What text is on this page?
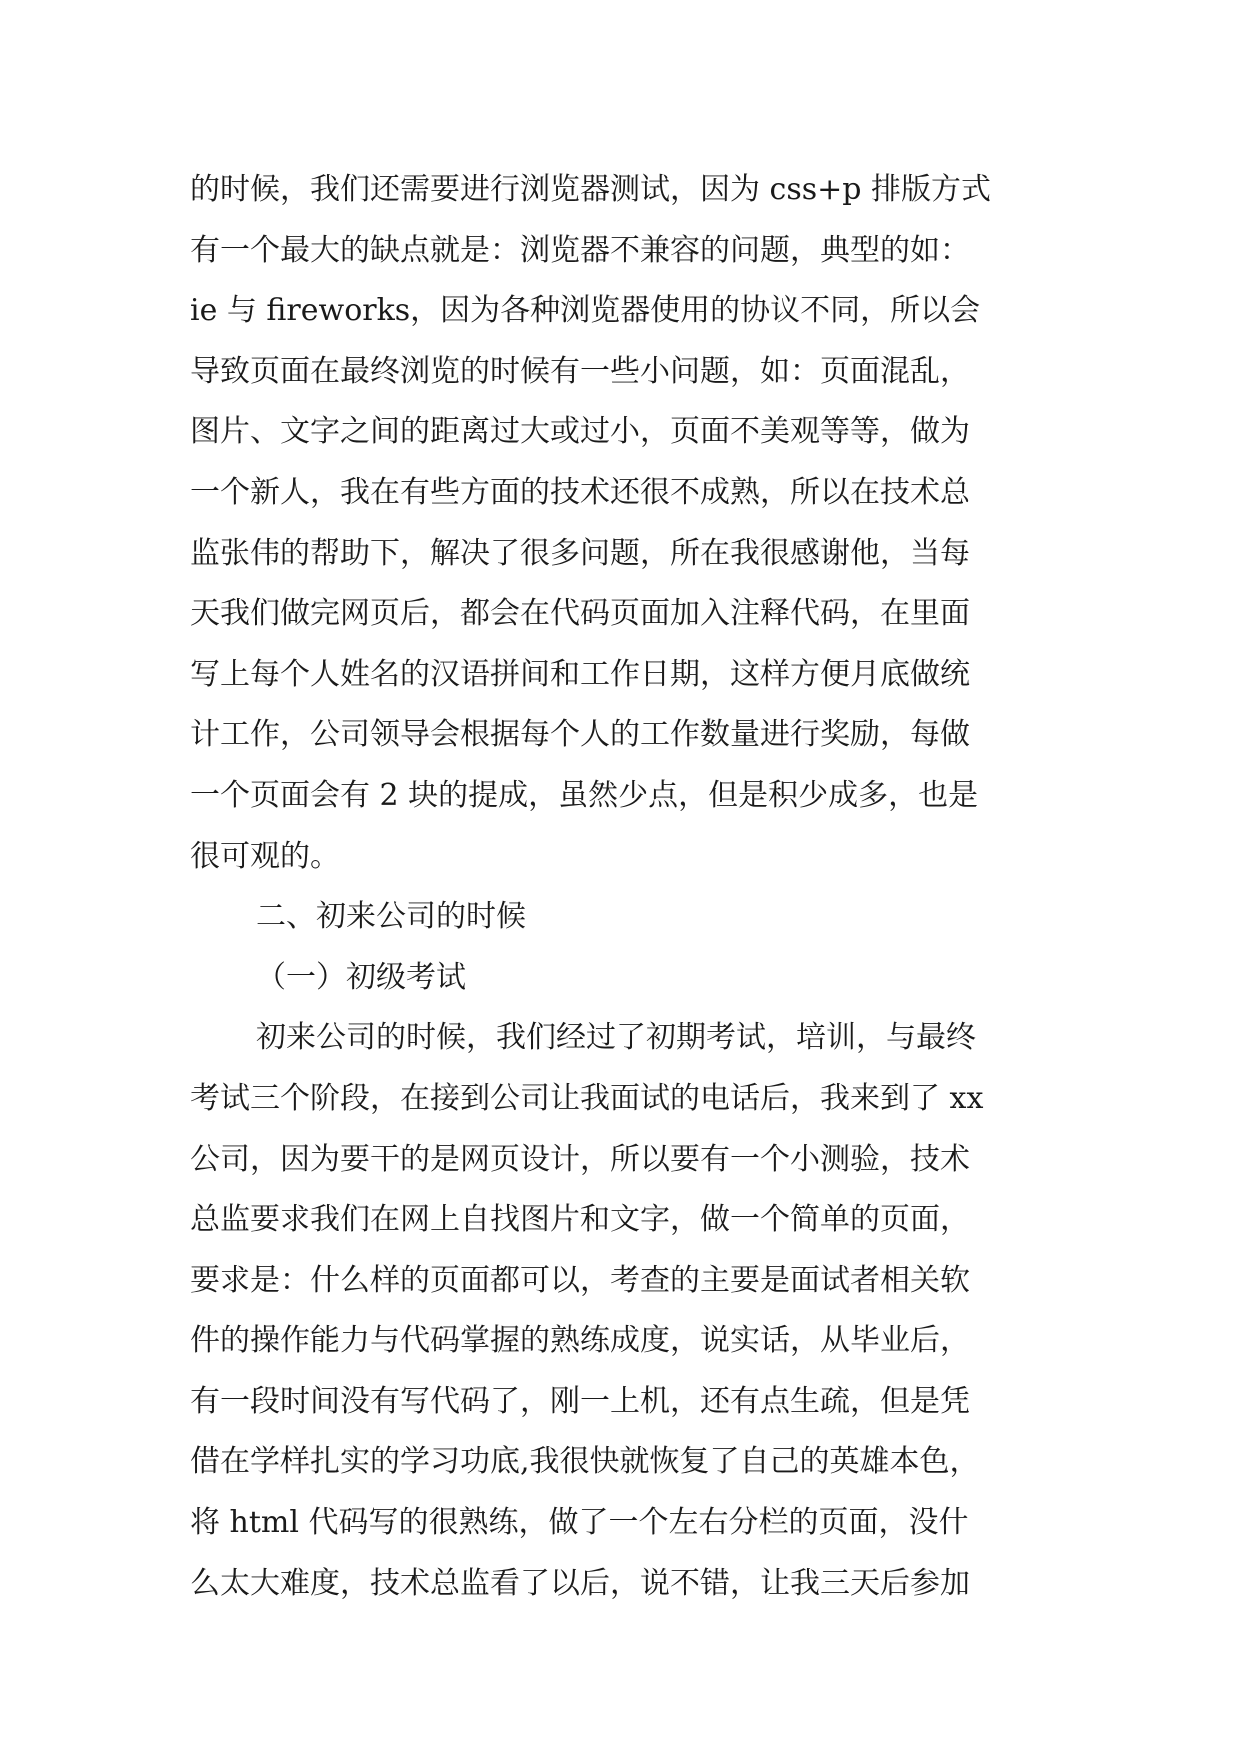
的时候，我们还需要进行浏览器测试，因为 css+p 排版方式
有一个最大的缺点就是：浏览器不兼容的问题，典型的如：
ie 与 fireworks，因为各种浏览器使用的协议不同，所以会
导致页面在最终浏览的时候有一些小问题，如：页面混乱，
图片、文字之间的距离过大或过小，页面不美观等等，做为
一个新人，我在有些方面的技术还很不成熟，所以在技术总
监张伟的帮助下，解决了很多问题，所在我很感谢他，当每
天我们做完网页后，都会在代码页面加入注释代码，在里面
写上每个人姓名的汉语拼间和工作日期，这样方便月底做统
计工作，公司领导会根据每个人的工作数量进行奖励，每做
一个页面会有 2 块的提成，虽然少点，但是积少成多，也是
很可观的。
二、初来公司的时候
（一）初级考试
初来公司的时候，我们经过了初期考试，培训，与最终
考试三个阶段，在接到公司让我面试的电话后，我来到了 xx
公司，因为要干的是网页设计，所以要有一个小测验，技术
总监要求我们在网上自找图片和文字，做一个简单的页面，
要求是：什么样的页面都可以，考查的主要是面试者相关软
件的操作能力与代码掌握的熟练成度，说实话，从毕业后，
有一段时间没有写代码了，刚一上机，还有点生疏，但是凭
借在学样扎实的学习功底,我很快就恢复了自己的英雄本色，
将 html 代码写的很熟练，做了一个左右分栏的页面，没什
么太大难度，技术总监看了以后，说不错，让我三天后参加
